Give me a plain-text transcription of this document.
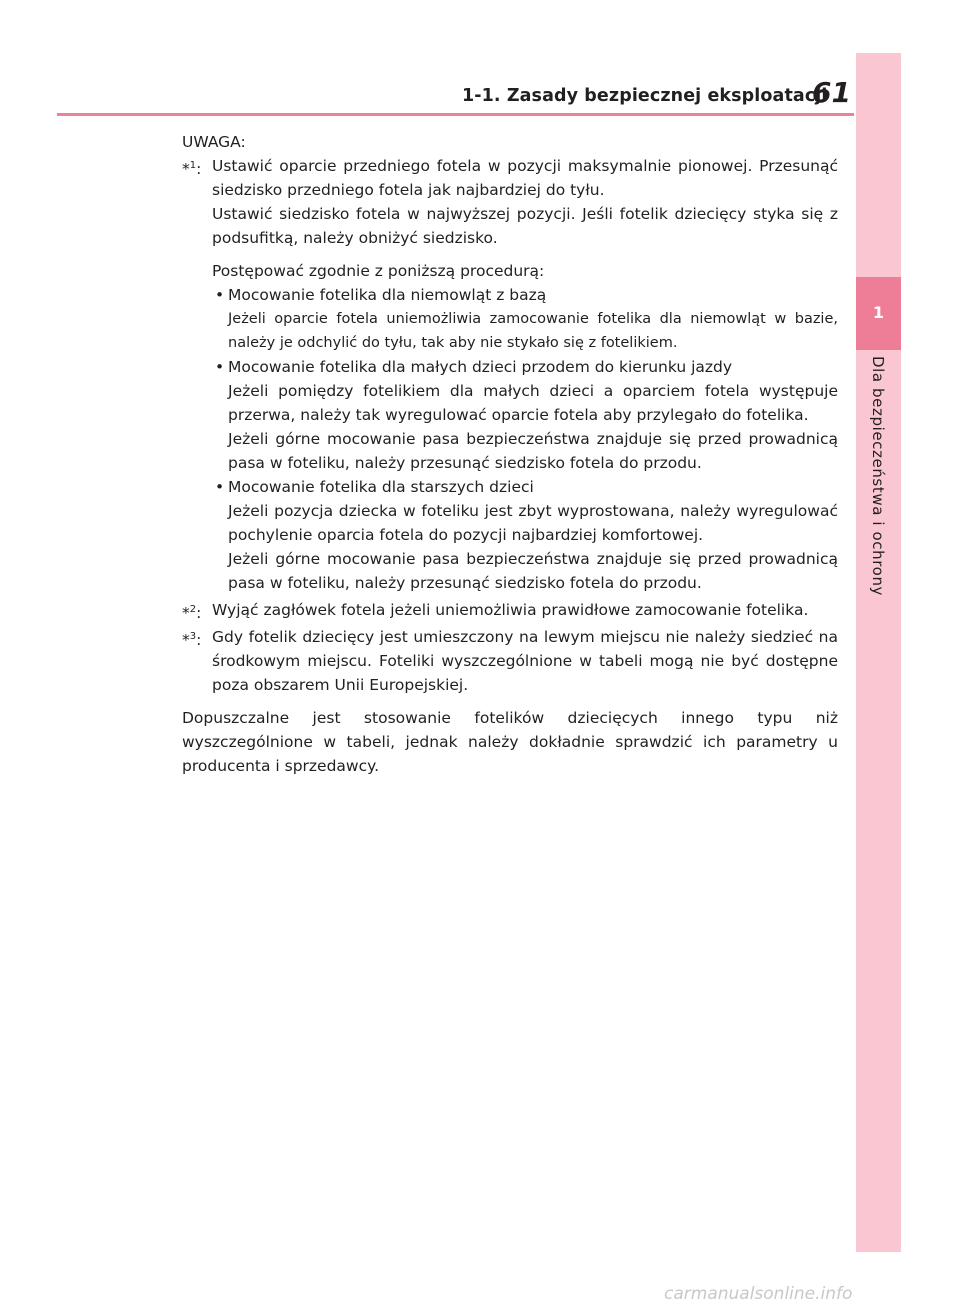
1-1. Zasady bezpiecznej eksploatacji
61
1
Dla bezpieczeństwa i ochrony

UWAGA:

*$^1$: Ustawić oparcie przedniego fotela w pozycji maksymalnie pionowej. Przesunąć siedzisko przedniego fotela jak najbardziej do tyłu.
Ustawić siedzisko fotela w najwyższej pozycji. Jeśli fotelik dziecięcy styka się z podsufitką, należy obniżyć siedzisko.
Postępować zgodnie z poniższą procedurą:
• Mocowanie fotelika dla niemowląt z bazą
Jeżeli oparcie fotela uniemożliwia zamocowanie fotelika dla niemowląt w bazie, należy je odchylić do tyłu, tak aby nie stykało się z fotelikiem.
• Mocowanie fotelika dla małych dzieci przodem do kierunku jazdy
Jeżeli pomiędzy fotelikiem dla małych dzieci a oparciem fotela występuje przerwa, należy tak wyregulować oparcie fotela aby przylegało do fotelika.
Jeżeli górne mocowanie pasa bezpieczeństwa znajduje się przed prowadnicą pasa w foteliku, należy przesunąć siedzisko fotela do przodu.
• Mocowanie fotelika dla starszych dzieci
Jeżeli pozycja dziecka w foteliku jest zbyt wyprostowana, należy wyregulować pochylenie oparcia fotela do pozycji najbardziej komfortowej.
Jeżeli górne mocowanie pasa bezpieczeństwa znajduje się przed prowadnicą pasa w foteliku, należy przesunąć siedzisko fotela do przodu.
*$^2$: Wyjąć zagłówek fotela jeżeli uniemożliwia prawidłowe zamocowanie fotelika.
*$^3$: Gdy fotelik dziecięcy jest umieszczony na lewym miejscu nie należy siedzieć na środkowym miejscu. Foteliki wyszczególnione w tabeli mogą nie być dostępne poza obszarem Unii Europejskiej.

Dopuszczalne jest stosowanie fotelików dziecięcych innego typu niż wyszczególnione w tabeli, jednak należy dokładnie sprawdzić ich parametry u producenta i sprzedawcy.

carmanualsonline.info
